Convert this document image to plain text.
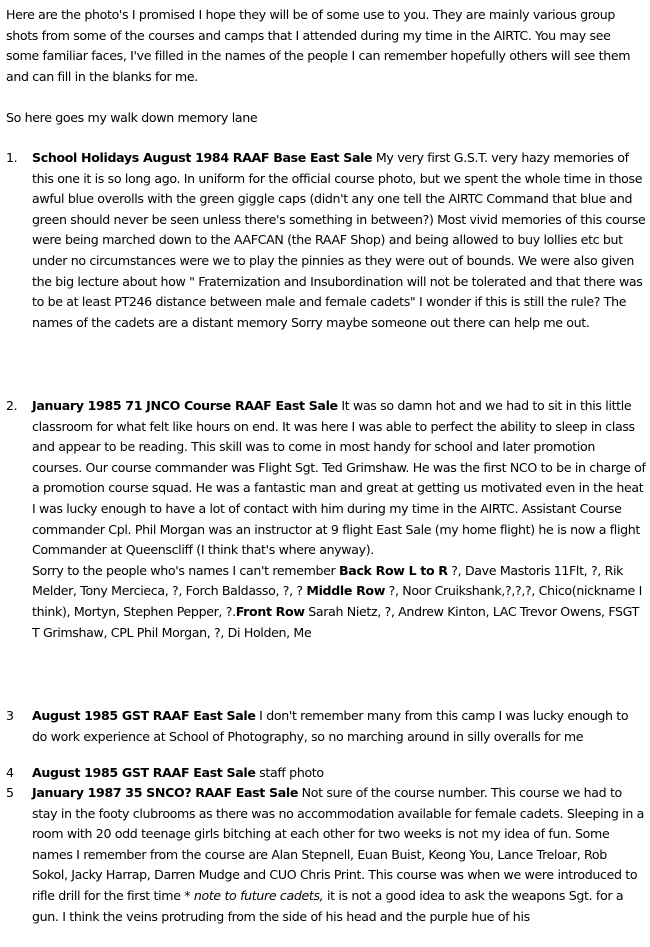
Here are the photo's I promised I hope they will be of some use to you. They are mainly various group shots from some of the courses and camps that I attended during my time in the AIRTC. You may see some familiar faces, I've filled in the names of the people I can remember hopefully others will see them and can fill in the blanks for me.

So here goes my walk down memory lane

1.	School Holidays August 1984 RAAF Base East Sale My very first G.S.T. very hazy memories of this one it is so long ago. In uniform for the official course photo, but we spent the whole time in those awful blue overolls with the green giggle caps (didn't any one tell the AIRTC Command that blue and green should never be seen unless there's something in between?) Most vivid memories of this course were being marched down to the AAFCAN (the RAAF Shop) and being allowed to buy lollies etc but under no circumstances were we to play the pinnies as they were out of bounds. We were also given the big lecture about how " Fraternization and Insubordination will not be tolerated and that there was to be at least PT246 distance between male and female cadets" I wonder if this is still the rule? The names of the cadets are a distant memory Sorry maybe someone out there can help me out.
2.	January 1985 71 JNCO Course RAAF East Sale It was so damn hot and we had to sit in this little classroom for what felt like hours on end. It was here I was able to perfect the ability to sleep in class and appear to be reading. This skill was to come in most handy for school and later promotion courses. Our course commander was Flight Sgt. Ted Grimshaw. He was the first NCO to be in charge of a promotion course squad. He was a fantastic man and great at getting us motivated even in the heat I was lucky enough to have a lot of contact with him during my time in the AIRTC. Assistant Course commander Cpl. Phil Morgan was an instructor at 9 flight East Sale (my home flight) he is now a flight Commander at Queenscliff (I think that's where anyway).
Sorry to the people who's names I can't remember Back Row L to R ?, Dave Mastoris 11Flt, ?, Rik Melder, Tony Mercieca, ?, Forch Baldasso, ?, ? Middle Row ?, Noor Cruikshank,?,?,?, Chico(nickname I think), Mortyn, Stephen Pepper, ?.Front Row Sarah Nietz, ?, Andrew Kinton, LAC Trevor Owens, FSGT T Grimshaw, CPL Phil Morgan, ?, Di Holden, Me
3	August 1985 GST RAAF East Sale I don't remember many from this camp I was lucky enough to do work experience at School of Photography, so no marching around in silly overalls for me
4	August 1985 GST RAAF East Sale staff photo
5	January 1987 35 SNCO? RAAF East Sale Not sure of the course number. This course we had to stay in the footy clubrooms as there was no accommodation available for female cadets. Sleeping in a room with 20 odd teenage girls bitching at each other for two weeks is not my idea of fun. Some names I remember from the course are Alan Stepnell, Euan Buist, Keong You, Lance Treloar, Rob Sokol, Jacky Harrap, Darren Mudge and CUO Chris Print. This course was when we were introduced to rifle drill for the first time * note to future cadets, it is not a good idea to ask the weapons Sgt. for a gun. I think the veins protruding from the side of his head and the purple hue of his
